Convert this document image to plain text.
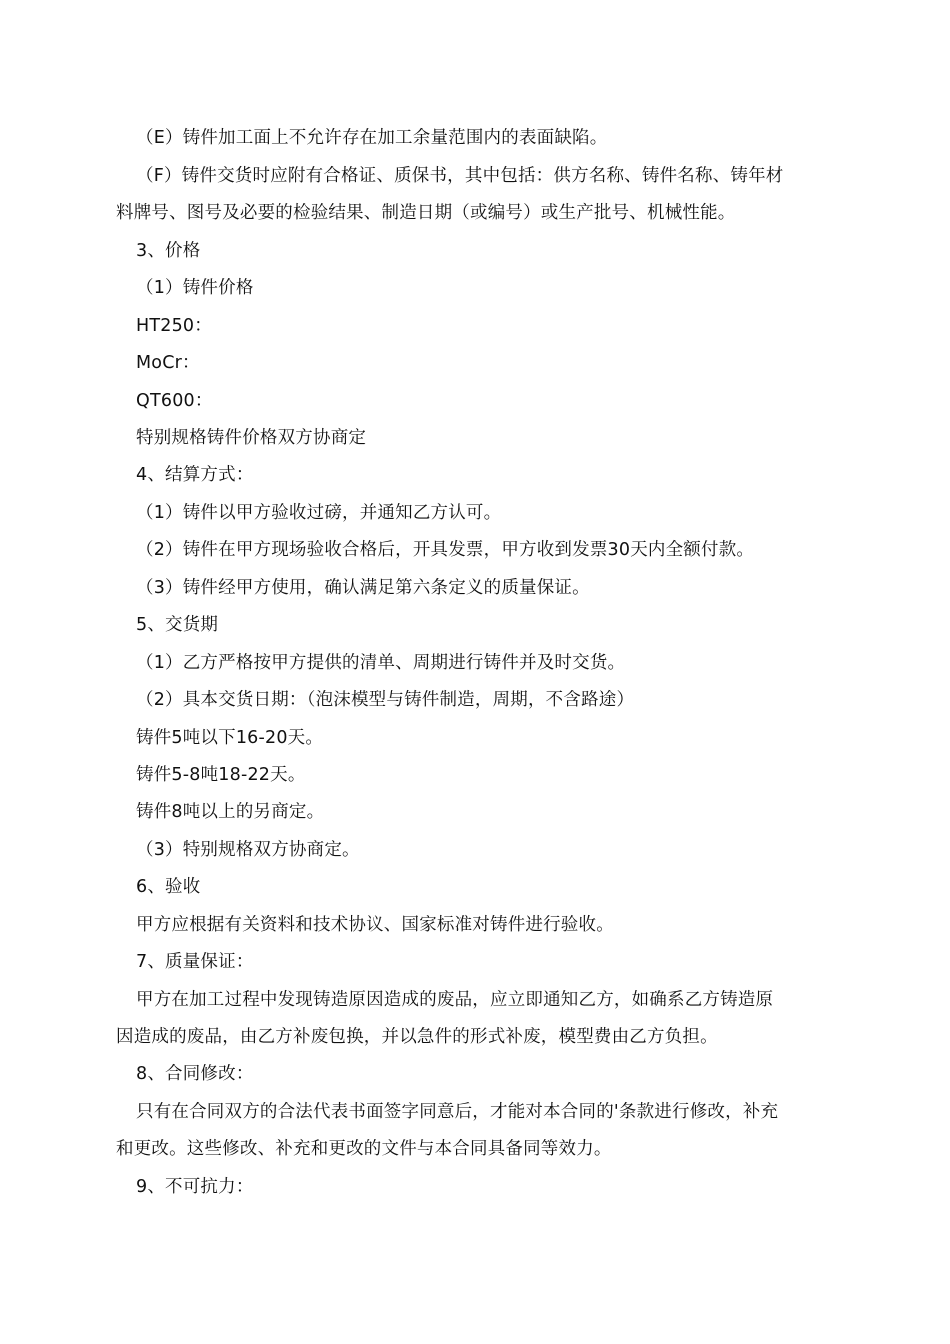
（E）铸件加工面上不允许存在加工余量范围内的表面缺陷。
（F）铸件交货时应附有合格证、质保书，其中包括：供方名称、铸件名称、铸年材
料牌号、图号及必要的检验结果、制造日期（或编号）或生产批号、机械性能。
3、价格
（1）铸件价格
HT250：
MoCr：
QT600：
特别规格铸件价格双方协商定
4、结算方式：
（1）铸件以甲方验收过磅，并通知乙方认可。
（2）铸件在甲方现场验收合格后，开具发票，甲方收到发票30天内全额付款。
（3）铸件经甲方使用，确认满足第六条定义的质量保证。
5、交货期
（1）乙方严格按甲方提供的清单、周期进行铸件并及时交货。
（2）具本交货日期：（泡沫模型与铸件制造，周期，不含路途）
铸件5吨以下16-20天。
铸件5-8吨18-22天。
铸件8吨以上的另商定。
（3）特别规格双方协商定。
6、验收
甲方应根据有关资料和技术协议、国家标准对铸件进行验收。
7、质量保证：
甲方在加工过程中发现铸造原因造成的废品，应立即通知乙方，如确系乙方铸造原
因造成的废品，由乙方补废包换，并以急件的形式补废，模型费由乙方负担。
8、合同修改：
只有在合同双方的合法代表书面签字同意后，才能对本合同的'条款进行修改，补充
和更改。这些修改、补充和更改的文件与本合同具备同等效力。
9、不可抗力：
